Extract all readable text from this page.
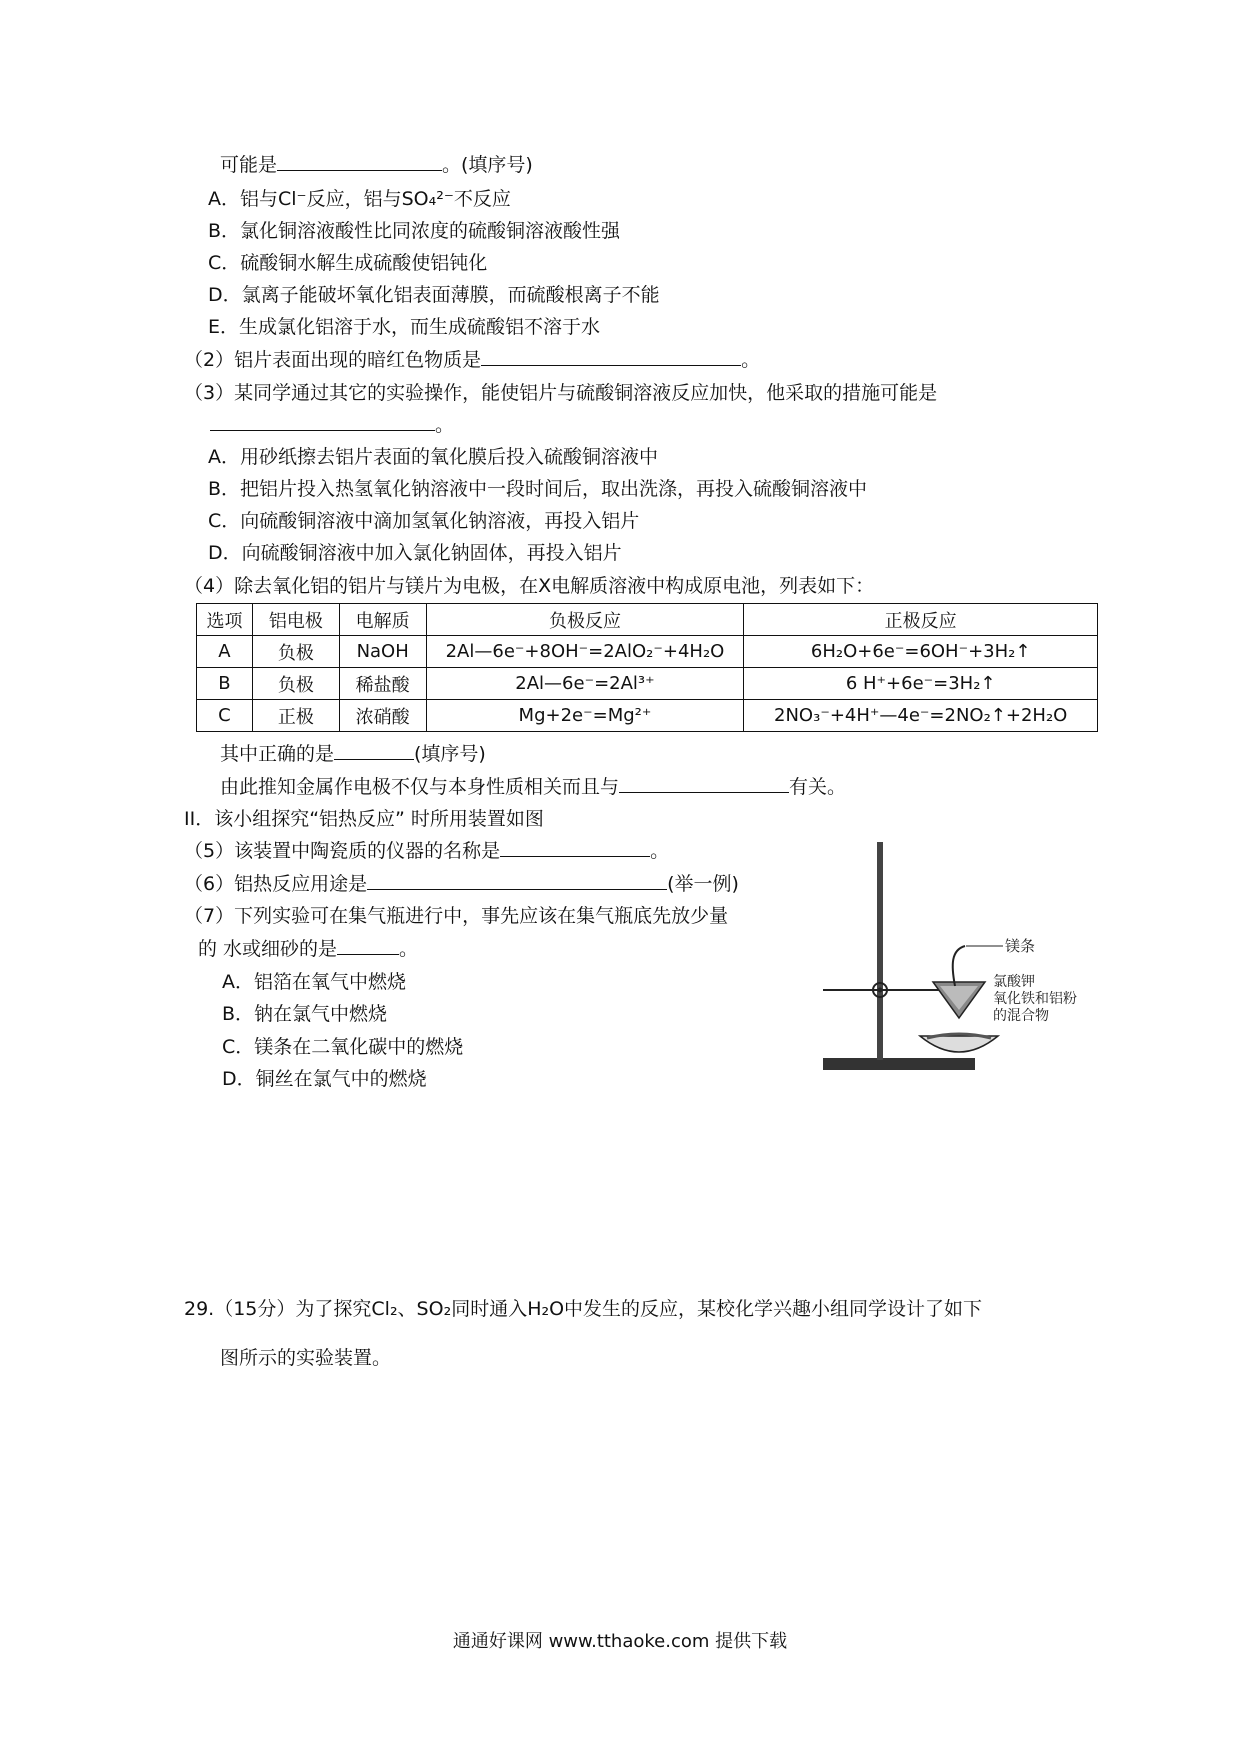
可能是	。(填序号)
A．铝与Cl⁻反应，铝与SO₄²⁻不反应
B．氯化铜溶液酸性比同浓度的硫酸铜溶液酸性强
C．硫酸铜水解生成硫酸使铝钝化
D．氯离子能破坏氧化铝表面薄膜，而硫酸根离子不能
E．生成氯化铝溶于水，而生成硫酸铝不溶于水
（2）铝片表面出现的暗红色物质是	。
（3）某同学通过其它的实验操作，能使铝片与硫酸铜溶液反应加快，他采取的措施可能是
。
A．用砂纸擦去铝片表面的氧化膜后投入硫酸铜溶液中
B．把铝片投入热氢氧化钠溶液中一段时间后，取出洗涤，再投入硫酸铜溶液中
C．向硫酸铜溶液中滴加氢氧化钠溶液，再投入铝片
D．向硫酸铜溶液中加入氯化钠固体，再投入铝片
（4）除去氧化铝的铝片与镁片为电极，在X电解质溶液中构成原电池，列表如下：
选项	铝电极	电解质	负极反应	正极反应
A	负极	NaOH	2Al—6e⁻+8OH⁻=2AlO₂⁻+4H₂O	6H₂O+6e⁻=6OH⁻+3H₂↑
B	负极	稀盐酸	2Al—6e⁻=2Al³⁺	6 H⁺+6e⁻=3H₂↑
C	正极	浓硝酸	Mg+2e⁻=Mg²⁺	2NO₃⁻+4H⁺—4e⁻=2NO₂↑+2H₂O
其中正确的是	(填序号)
由此推知金属作电极不仅与本身性质相关而且与	有关。
II．该小组探究“铝热反应” 时所用装置如图
（5）该装置中陶瓷质的仪器的名称是	。
（6）铝热反应用途是	(举一例)
（7）下列实验可在集气瓶进行中，事先应该在集气瓶底先放少量
的 水或细砂的是	。
A．铝箔在氧气中燃烧
B．钠在氯气中燃烧
C．镁条在二氧化碳中的燃烧
D．铜丝在氯气中的燃烧
镁条
氯酸钾
氧化铁和铝粉
的混合物
29.（15分）为了探究Cl₂、SO₂同时通入H₂O中发生的反应，某校化学兴趣小组同学设计了如下
图所示的实验装置。
通通好课网 www.tthaoke.com 提供下载
